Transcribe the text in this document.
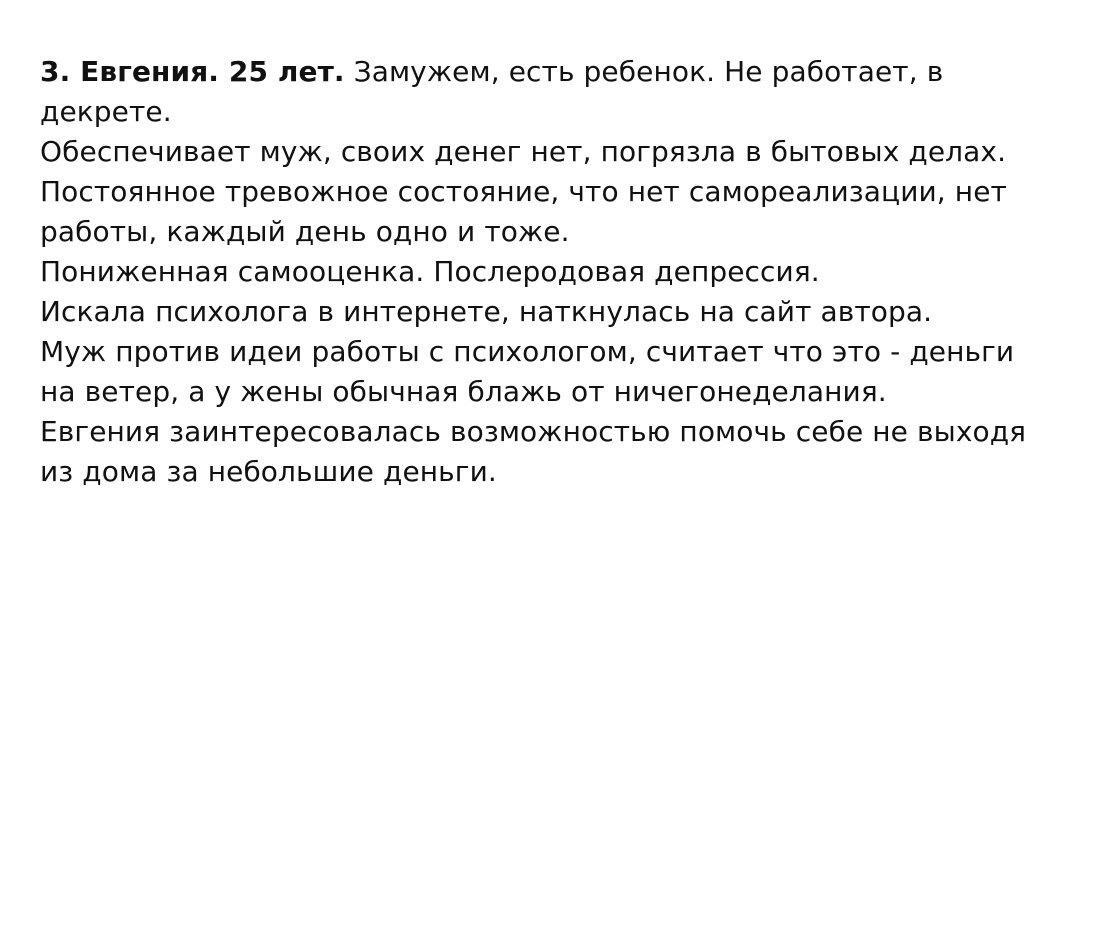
3. Евгения. 25 лет. Замужем, есть ребенок. Не работает, в декрете.

Обеспечивает муж, своих денег нет, погрязла в бытовых делах. Постоянное тревожное состояние, что нет самореализации, нет работы, каждый день одно и тоже.

Пониженная самооценка. Послеродовая депрессия.

Искала психолога в интернете, наткнулась на сайт автора.

Муж против идеи работы с психологом, считает что это - деньги на ветер, а у жены обычная блажь от ничегонеделания.

Евгения заинтересовалась возможностью помочь себе не выходя из дома за небольшие деньги.
